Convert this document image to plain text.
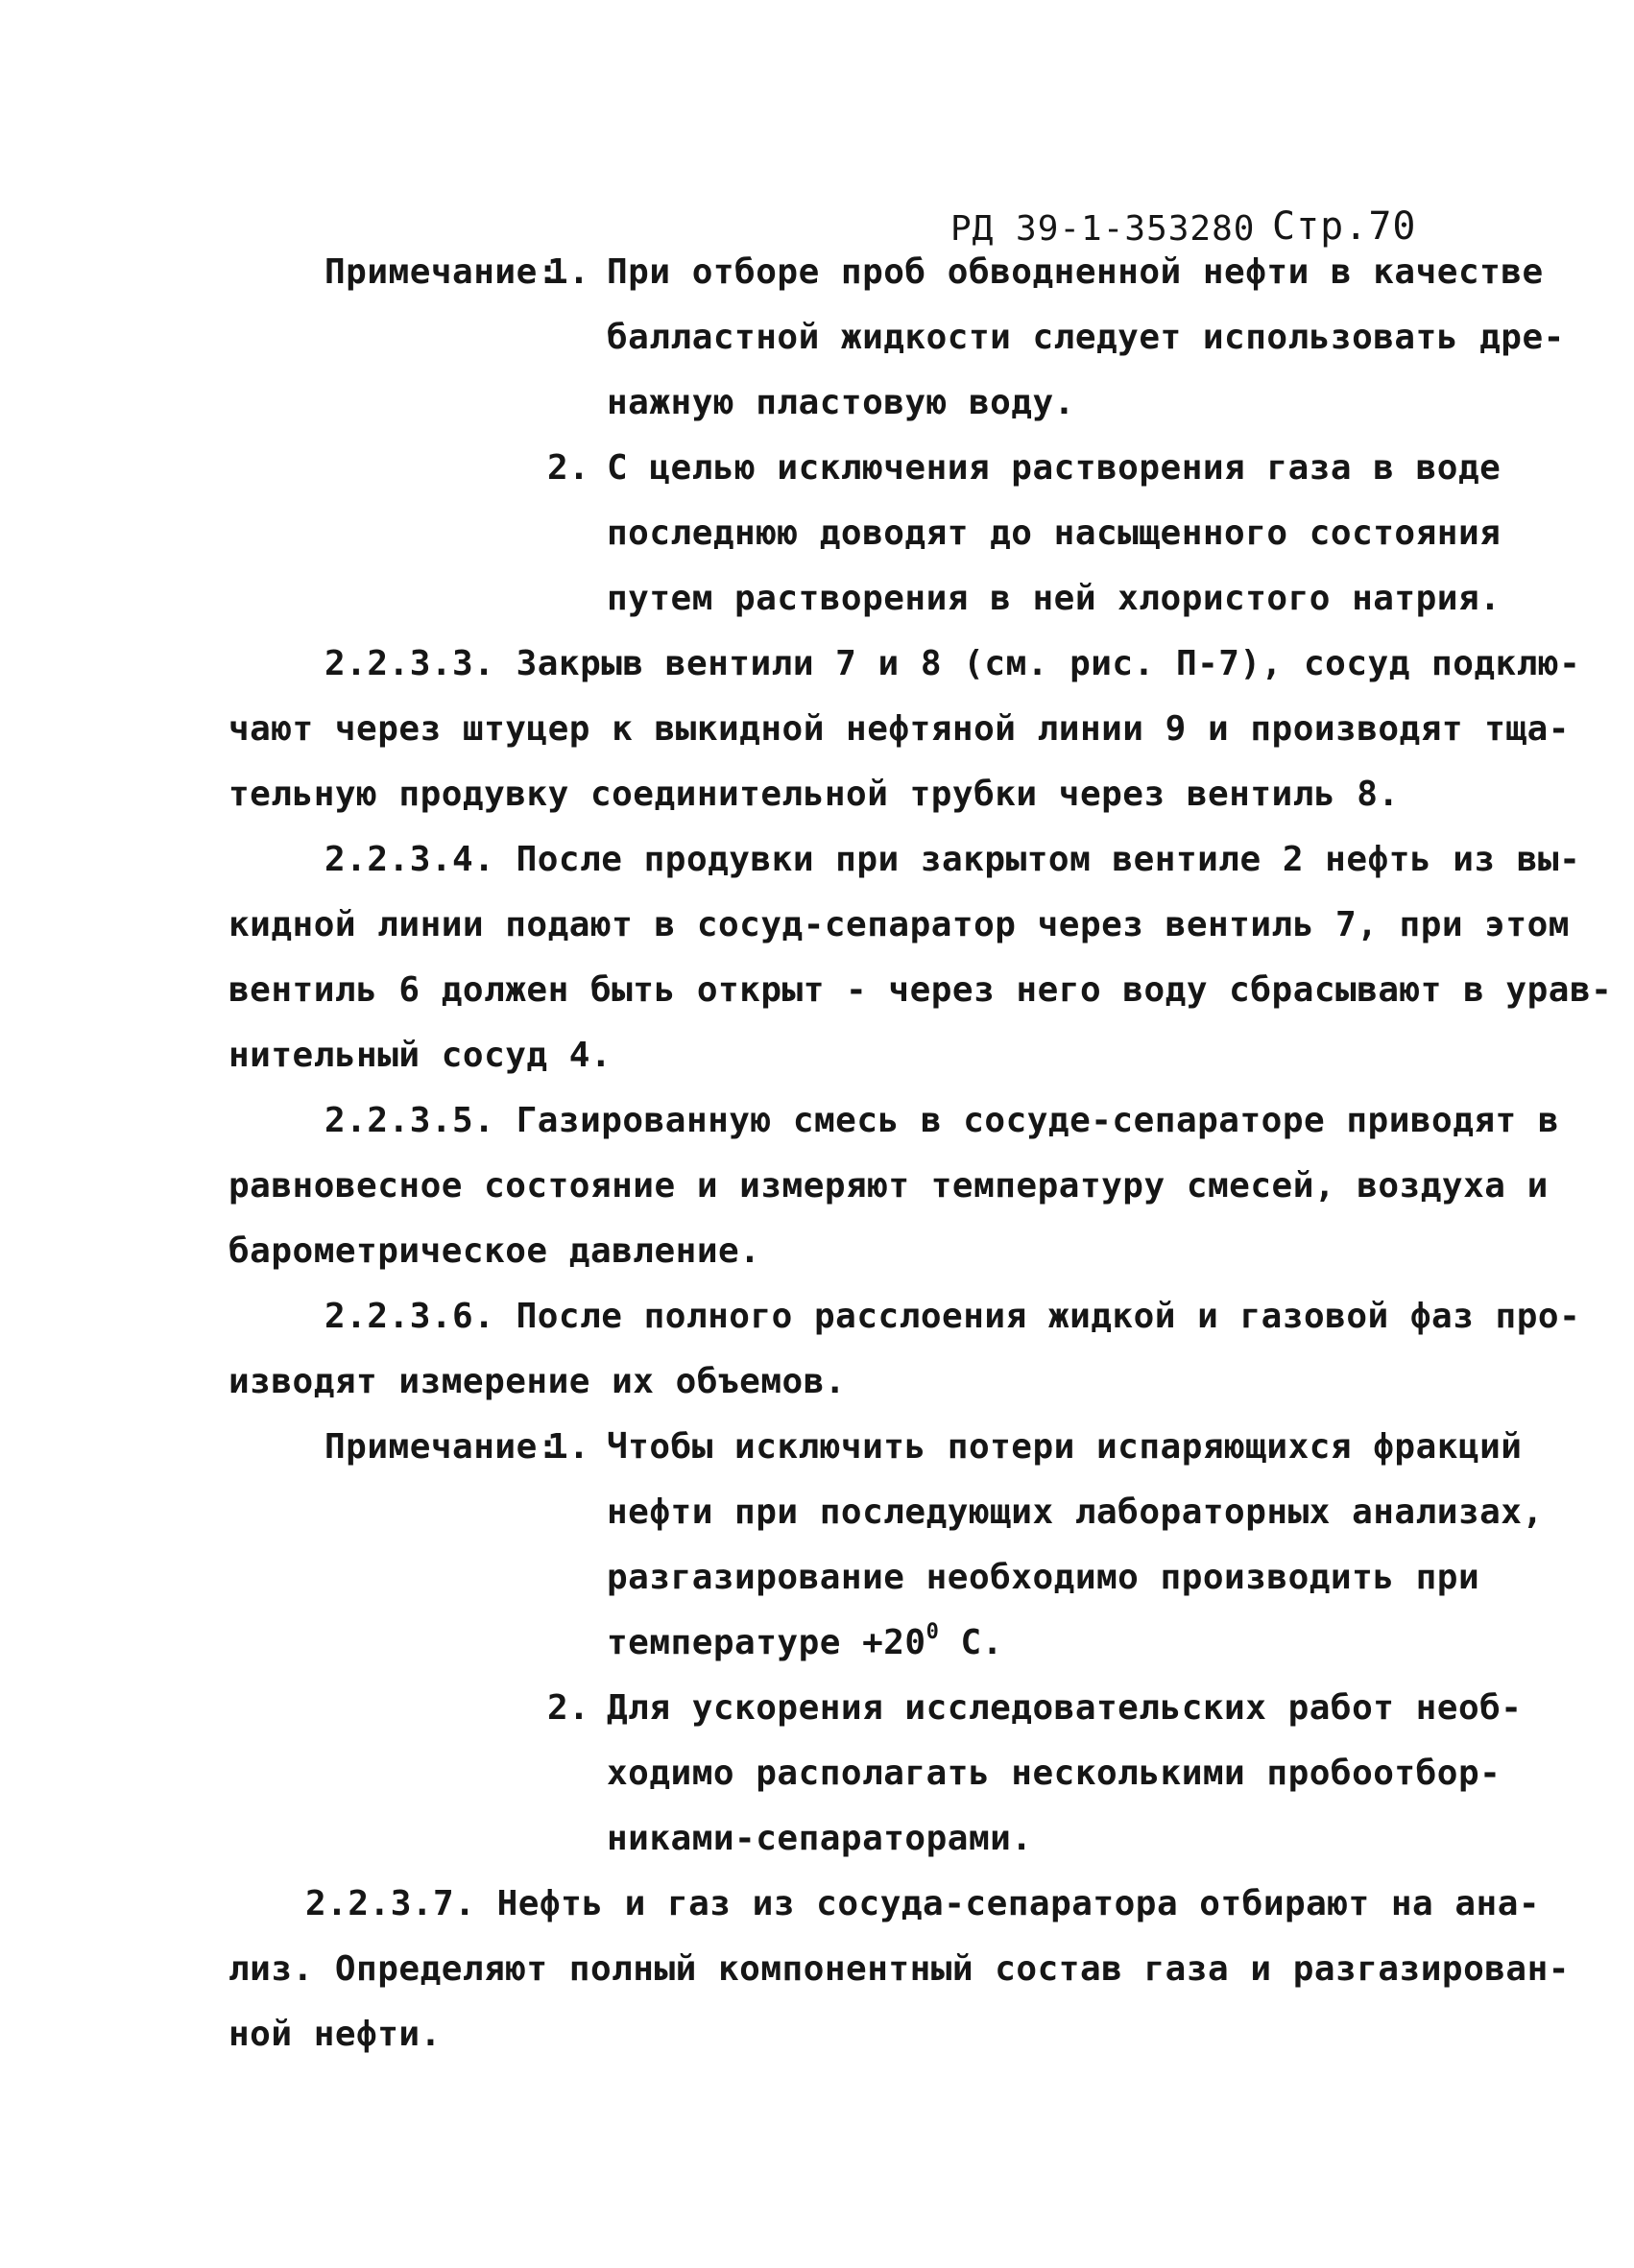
РД 39-1-353280 Стр.70
Примечание:
1. При отборе проб обводненной нефти в качестве
балластной жидкости следует использовать дре-
нажную пластовую воду.
2. С целью исключения растворения газа в воде
последнюю доводят до насыщенного состояния
путем растворения в ней хлористого натрия.
2.2.3.3. Закрыв вентили 7 и 8 (см. рис. П-7), сосуд подклю-
чают через штуцер к выкидной нефтяной линии 9 и производят тща-
тельную продувку соединительной трубки через вентиль 8.
2.2.3.4. После продувки при закрытом вентиле 2 нефть из вы-
кидной линии подают в сосуд-сепаратор через вентиль 7, при этом
вентиль 6 должен быть открыт - через него воду сбрасывают в урав-
нительный сосуд 4.
2.2.3.5. Газированную смесь в сосуде-сепараторе приводят в
равновесное состояние и измеряют температуру смесей, воздуха и
барометрическое давление.
2.2.3.6. После полного расслоения жидкой и газовой фаз про-
изводят измерение их объемов.
Примечание:
1. Чтобы исключить потери испаряющихся фракций
нефти при последующих лабораторных анализах,
разгазирование необходимо производить при
температуре $+20^0$ С.
2. Для ускорения исследовательских работ необ-
ходимо располагать несколькими пробоотбор-
никами-сепараторами.
2.2.3.7. Нефть и газ из сосуда-сепаратора отбирают на ана-
лиз. Определяют полный компонентный состав газа и разгазирован-
ной нефти.
